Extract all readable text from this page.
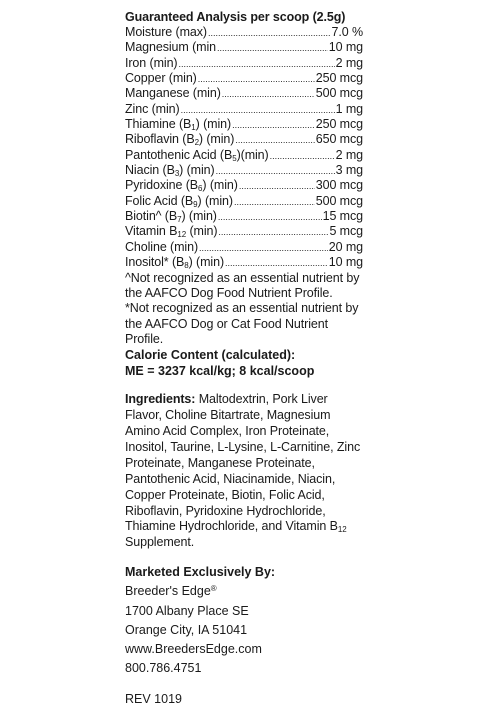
Guaranteed Analysis per scoop (2.5g)
Moisture (max) .....	7.0 %
Magnesium (min .....	10 mg
Iron (min) .....	2 mg
Copper (min) .....	250 mcg
Manganese (min) .....	500 mcg
Zinc (min) .....	1 mg
Thiamine $(B_1)$ (min) .....	250 mcg
Riboflavin $(B_2)$ (min) .....	650 mcg
Pantothenic Acid $(B_5)(\min)$ .....	2 mg
Niacin $(B_3)$ (min) .....	3 mg
Pyridoxine $(B_6)$ (min) .....	300 mcg
Folic Acid $(B_9)$ (min) .....	500 mcg
Biotin^ $(B_7)$ (min) .....	15 mcg
Vitamin $B_{12}$ (min) .....	5 mcg
Choline (min) .....	20 mg
Inositol* $(B_8)$ (min) .....	10 mg
^Not recognized as an essential nutrient by the AAFCO Dog Food Nutrient Profile.
*Not recognized as an essential nutrient by the AAFCO Dog or Cat Food Nutrient Profile.
Calorie Content (calculated):
ME = 3237 kcal/kg; 8 kcal/scoop
Ingredients: Maltodextrin, Pork Liver Flavor, Choline Bitartrate, Magnesium Amino Acid Complex, Iron Proteinate, Inositol, Taurine, L-Lysine, L-Carnitine, Zinc Proteinate, Manganese Proteinate, Pantothenic Acid, Niacinamide, Niacin, Copper Proteinate, Biotin, Folic Acid, Riboflavin, Pyridoxine Hydrochloride, Thiamine Hydrochloride, and Vitamin $B_{12}$ Supplement.
Marketed Exclusively By:
Breeder's Edge®
1700 Albany Place SE
Orange City, IA 51041
www.BreedersEdge.com
800.786.4751
REV 1019
